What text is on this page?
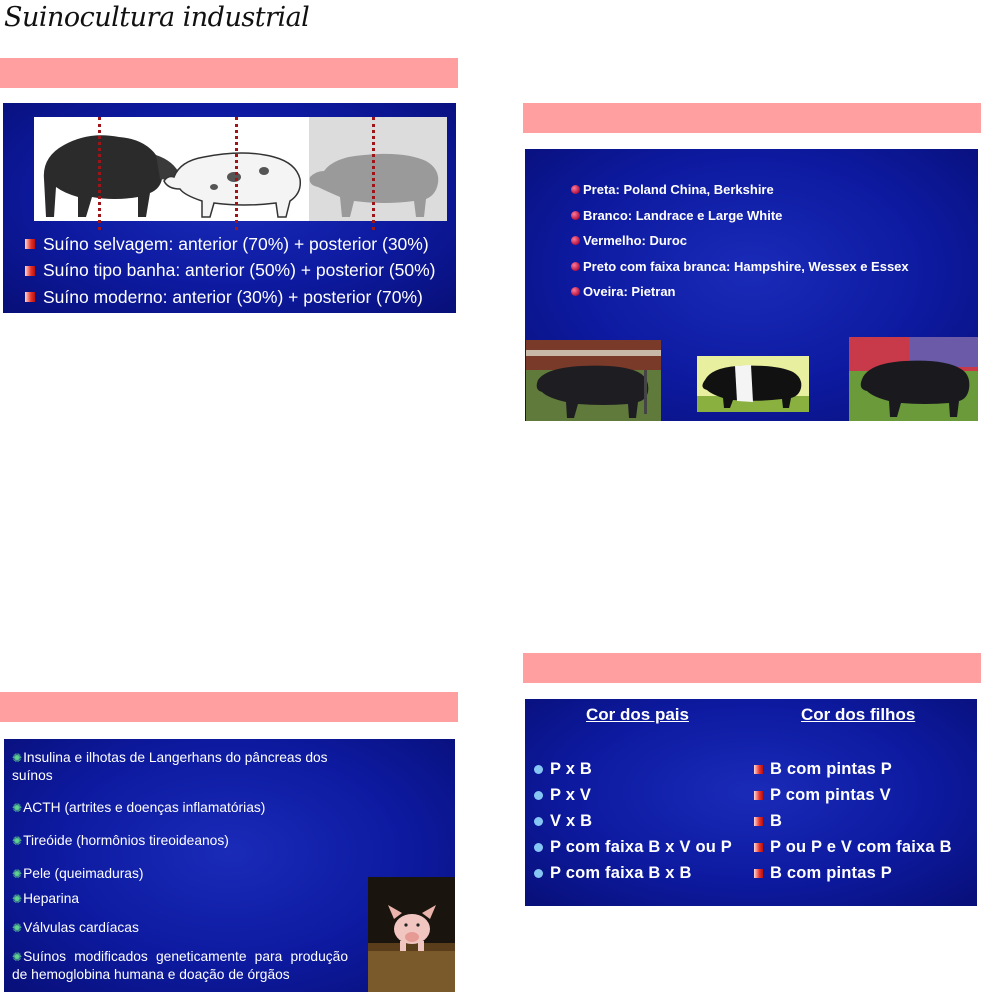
Suinocultura industrial
Suíno selvagem: anterior (70%) + posterior (30%)
Suíno tipo banha: anterior (50%) + posterior (50%)
Suíno moderno: anterior (30%) + posterior (70%)
Preta: Poland China, Berkshire
Branco: Landrace e Large White
Vermelho: Duroc
Preto com faixa branca: Hampshire, Wessex e Essex
Oveira: Pietran
✺Insulina e ilhotas de Langerhans do pâncreas dos suínos
✺ACTH (artrites e doenças inflamatórias)
✺Tireóide (hormônios tireoideanos)
✺Pele (queimaduras)
✺Heparina
✺Válvulas cardíacas
✺Suínos modificados geneticamente para produção de hemoglobina humana e doação de órgãos
Cor dos pais	Cor dos filhos
P x B
P x V
V x B
P com faixa B x V ou P
P com faixa B x B
B com pintas P
P com pintas V
B
P ou P e V com faixa B
B com pintas P
